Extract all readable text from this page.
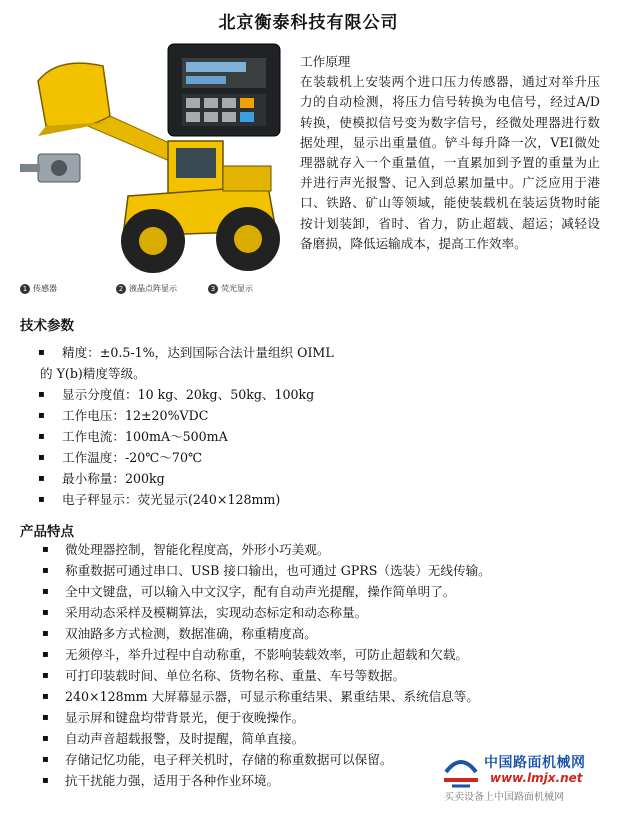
北京衡泰科技有限公司
1 传感器	2 液晶点阵显示	3 荧光显示
工作原理
在装载机上安装两个进口压力传感器，通过对举升压力的自动检测，将压力信号转换为电信号，经过A/D转换，使模拟信号变为数字信号，经微处理器进行数据处理，显示出重量值。铲斗每升降一次，VEI微处理器就存入一个重量值，一直累加到予置的重量为止并进行声光报警、记入到总累加量中。广泛应用于港口、铁路、矿山等领域，能使装载机在装运货物时能按计划装卸，省时、省力，防止超载、超运；减轻设备磨损，降低运输成本，提高工作效率。
技术参数
▪ 精度：±0.5-1%，达到国际合法计量组织 OIML
的 Y(b)精度等级。
▪ 显示分度值：10 kg、20kg、50kg、100kg
▪ 工作电压：12±20%VDC
▪ 工作电流：100mA～500mA
▪ 工作温度：-20℃～70℃
▪ 最小称量：200kg
▪ 电子秤显示：荧光显示(240×128mm)
产品特点
▪ 微处理器控制，智能化程度高，外形小巧美观。
▪ 称重数据可通过串口、USB 接口输出，也可通过 GPRS（选装）无线传输。
▪ 全中文键盘，可以输入中文汉字，配有自动声光提醒，操作简单明了。
▪ 采用动态采样及模糊算法，实现动态标定和动态称量。
▪ 双油路多方式检测，数据准确，称重精度高。
▪ 无须停斗，举升过程中自动称重，不影响装载效率，可防止超载和欠载。
▪ 可打印装载时间、单位名称、货物名称、重量、车号等数据。
▪ 240×128mm 大屏幕显示器，可显示称重结果、累重结果、系统信息等。
▪ 显示屏和键盘均带背景光，便于夜晚操作。
▪ 自动声音超载报警，及时提醒，简单直接。
▪ 存储记忆功能，电子秤关机时，存储的称重数据可以保留。
▪ 抗干扰能力强，适用于各种作业环境。
中国路面机械网
www.lmjx.net
买卖设备上中国路面机械网
